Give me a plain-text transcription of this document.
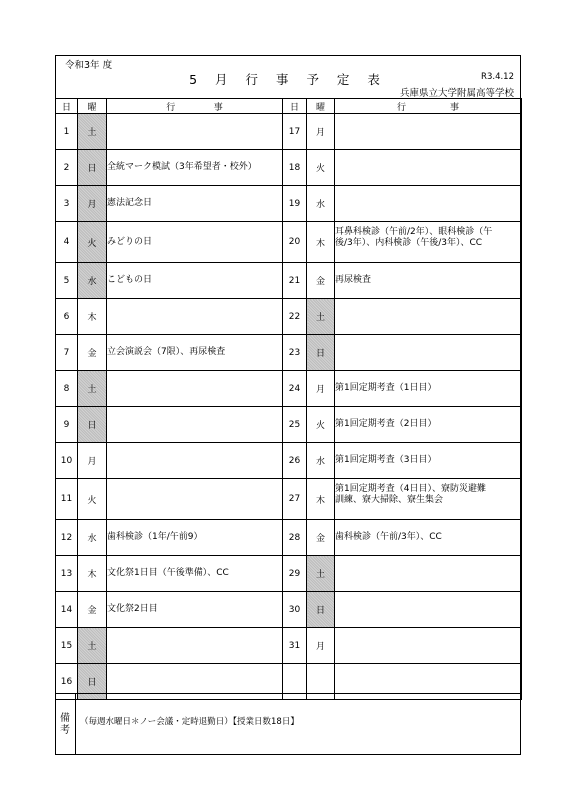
令和3年 度
5 月 行 事 予 定 表	R3.4.12
兵庫県立大学附属高等学校
日	曜	行 事	日	曜	行 事

1	土		17	月	

2	日	全統マーク模試（3年希望者・校外）	18	火	

3	月	憲法記念日	19	水	

4	火	みどりの日	20	木	耳鼻科検診（午前/2年）、眼科検診（午
後/3年）、内科検診（午後/3年）、CC

5	水	こどもの日	21	金	再尿検査

6	木		22	土	

7	金	立会演説会（7限）、再尿検査	23	日	

8	土		24	月	第1回定期考査（1日目）

9	日		25	火	第1回定期考査（2日目）

10	月		26	水	第1回定期考査（3日目）

11	火		27	木	第1回定期考査（4日目）、寮防災避難
訓練、寮大掃除、寮生集会

12	水	歯科検診（1年/午前9）	28	金	歯科検診（午前/3年）、CC

13	木	文化祭1日目（午後準備）、CC	29	土	

14	金	文化祭2日目	30	日	

15	土		31	月	

16	日				
備
考
（毎週水曜日＊ノー会議・定時退勤日）【授業日数18日】
